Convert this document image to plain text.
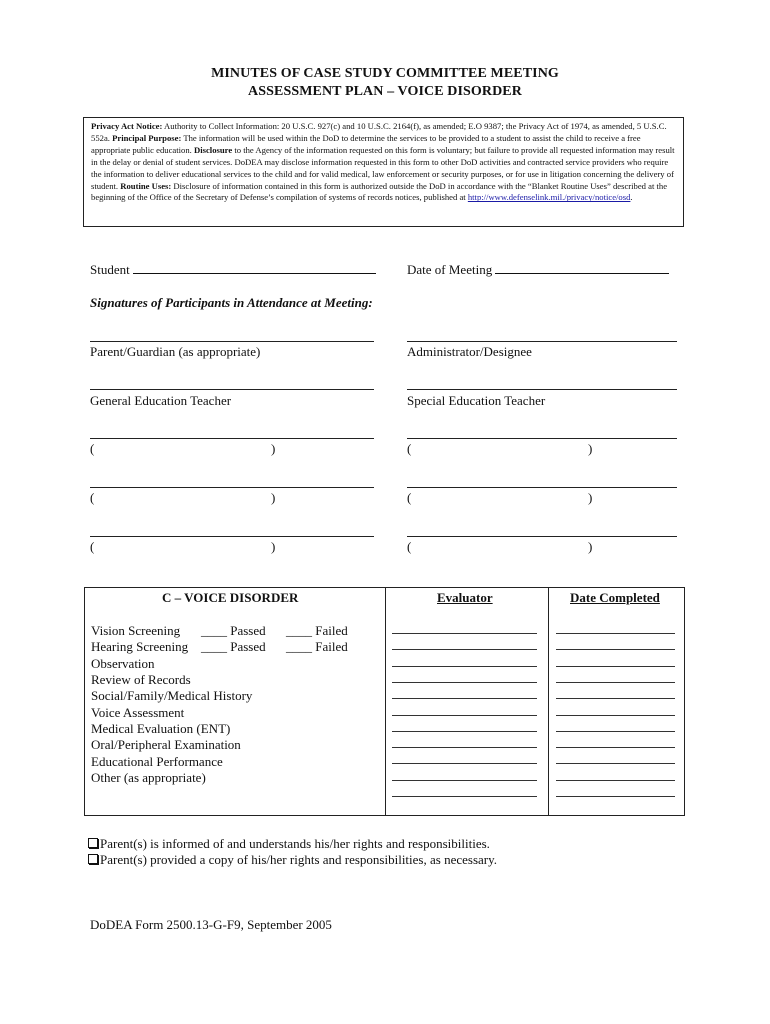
MINUTES OF CASE STUDY COMMITTEE MEETING
ASSESSMENT PLAN – VOICE DISORDER
Privacy Act Notice: Authority to Collect Information: 20 U.S.C. 927(c) and 10 U.S.C. 2164(f), as amended; E.O 9387; the Privacy Act of 1974, as amended, 5 U.S.C. 552a. Principal Purpose: The information will be used within the DoD to determine the services to be provided to a student to assist the child to receive a free appropriate public education. Disclosure to the Agency of the information requested on this form is voluntary; but failure to provide all requested information may result in the delay or denial of student services. DoDEA may disclose information requested in this form to other DoD activities and contracted service providers who require the information to deliver educational services to the child and for valid medical, law enforcement or security purposes, or for use in litigation concerning the delivery of student. Routine Uses: Disclosure of information contained in this form is authorized outside the DoD in accordance with the “Blanket Routine Uses” described at the beginning of the Office of the Secretary of Defense’s compilation of systems of records notices, published at http://www.defenselink.mil./privacy/notice/osd.
Student	Date of Meeting
Signatures of Participants in Attendance at Meeting:
Parent/Guardian (as appropriate)	Administrator/Designee
General Education Teacher	Special Education Teacher
(	)	(	)
(	)	(	)
(	)	(	)
C – VOICE DISORDER	Evaluator	Date Completed
Vision Screening ____ Passed ____ Failed
Hearing Screening ____ Passed ____ Failed
Observation
Review of Records
Social/Family/Medical History
Voice Assessment
Medical Evaluation (ENT)
Oral/Peripheral Examination
Educational Performance
Other (as appropriate)
Parent(s) is informed of and understands his/her rights and responsibilities.
Parent(s) provided a copy of his/her rights and responsibilities, as necessary.
DoDEA Form 2500.13-G-F9, September 2005
